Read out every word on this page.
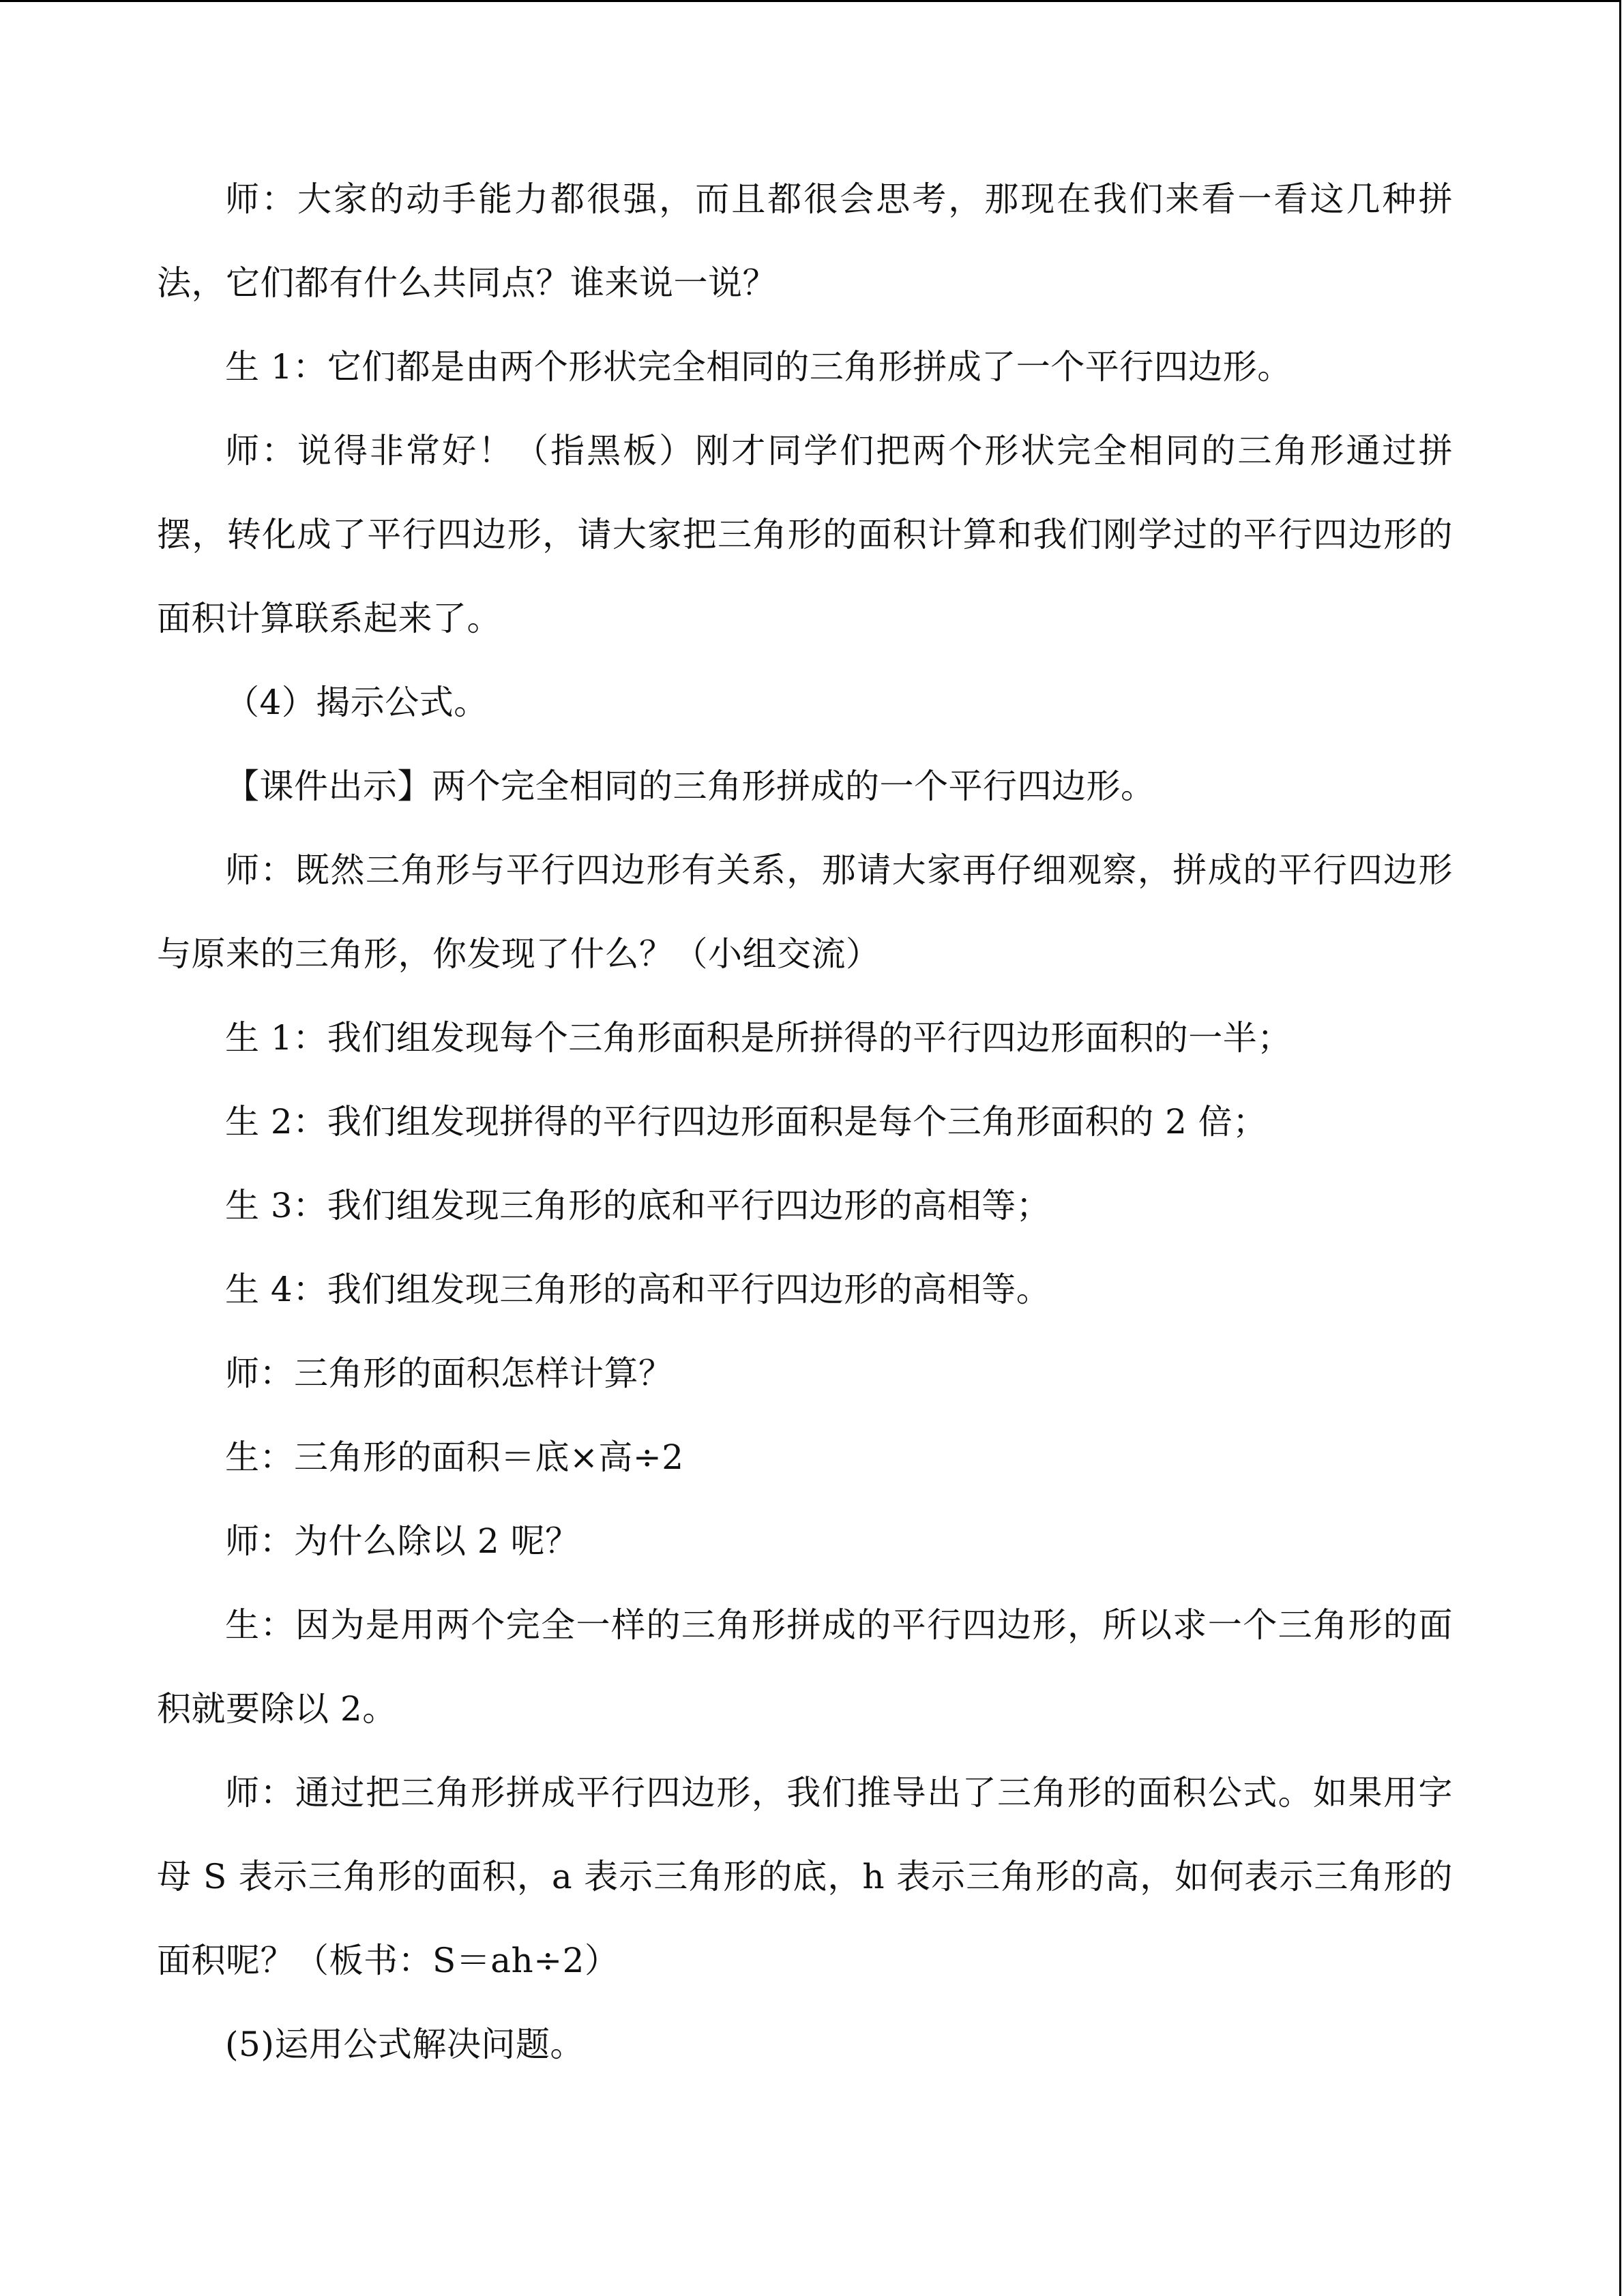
师：大家的动手能力都很强，而且都很会思考，那现在我们来看一看这几种拼法，它们都有什么共同点？谁来说一说？

生 1：它们都是由两个形状完全相同的三角形拼成了一个平行四边形。

师：说得非常好！（指黑板）刚才同学们把两个形状完全相同的三角形通过拼摆，转化成了平行四边形，请大家把三角形的面积计算和我们刚学过的平行四边形的面积计算联系起来了。

（4）揭示公式。

【课件出示】两个完全相同的三角形拼成的一个平行四边形。

师：既然三角形与平行四边形有关系，那请大家再仔细观察，拼成的平行四边形与原来的三角形，你发现了什么？（小组交流）

生 1：我们组发现每个三角形面积是所拼得的平行四边形面积的一半；

生 2：我们组发现拼得的平行四边形面积是每个三角形面积的 2 倍；

生 3：我们组发现三角形的底和平行四边形的高相等；

生 4：我们组发现三角形的高和平行四边形的高相等。

师：三角形的面积怎样计算？

生：三角形的面积＝底×高÷2

师：为什么除以 2 呢？

生：因为是用两个完全一样的三角形拼成的平行四边形，所以求一个三角形的面积就要除以 2。

师：通过把三角形拼成平行四边形，我们推导出了三角形的面积公式。如果用字母 S 表示三角形的面积，a 表示三角形的底，h 表示三角形的高，如何表示三角形的面积呢？（板书：S＝ah÷2）

(5)运用公式解决问题。
